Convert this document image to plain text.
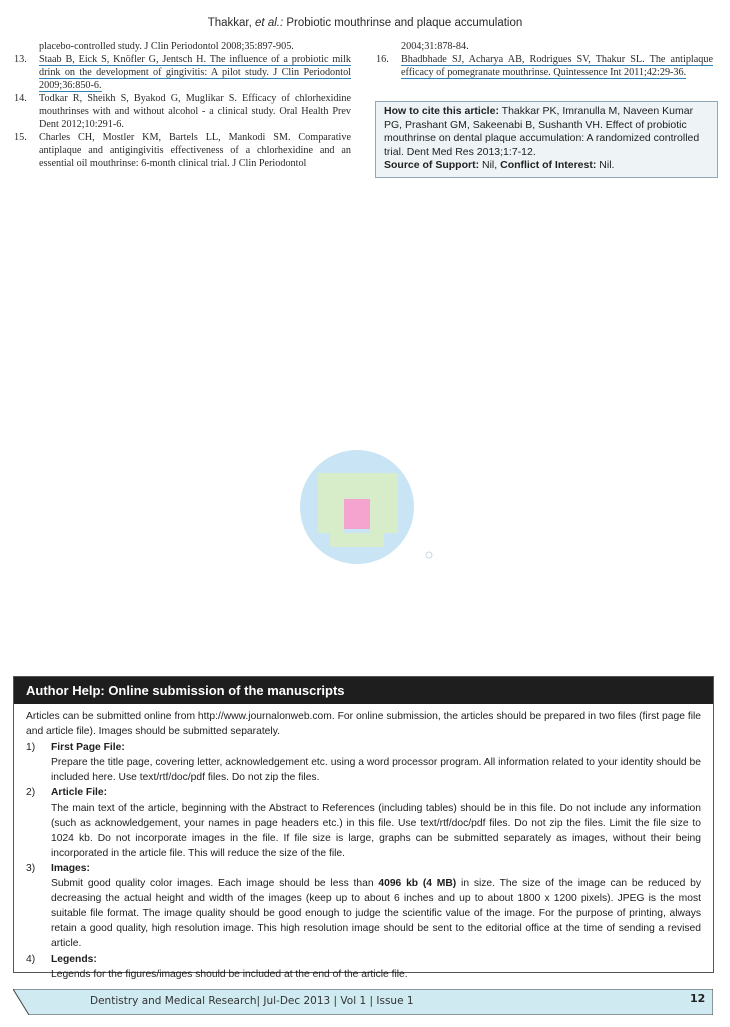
Thakkar, et al.: Probiotic mouthrinse and plaque accumulation
placebo-controlled study. J Clin Periodontol 2008;35:897-905.
13.	Staab B, Eick S, Knöfler G, Jentsch H. The influence of a probiotic milk drink on the development of gingivitis: A pilot study. J Clin Periodontol 2009;36:850-6.
14.	Todkar R, Sheikh S, Byakod G, Muglikar S. Efficacy of chlorhexidine mouthrinses with and without alcohol - a clinical study. Oral Health Prev Dent 2012;10:291-6.
15.	Charles CH, Mostler KM, Bartels LL, Mankodi SM. Comparative antiplaque and antigingivitis effectiveness of a chlorhexidine and an essential oil mouthrinse: 6-month clinical trial. J Clin Periodontol
2004;31:878-84.
16.	Bhadbhade SJ, Acharya AB, Rodrigues SV, Thakur SL. The antiplaque efficacy of pomegranate mouthrinse. Quintessence Int 2011;42:29-36.
How to cite this article: Thakkar PK, Imranulla M, Naveen Kumar PG, Prashant GM, Sakeenabi B, Sushanth VH. Effect of probiotic mouthrinse on dental plaque accumulation: A randomized controlled trial. Dent Med Res 2013;1:7-12.
Source of Support: Nil, Conflict of Interest: Nil.
Author Help: Online submission of the manuscripts

Articles can be submitted online from http://www.journalonweb.com. For online submission, the articles should be prepared in two files (first page file and article file). Images should be submitted separately.

1)	First Page File:
Prepare the title page, covering letter, acknowledgement etc. using a word processor program. All information related to your identity should be included here. Use text/rtf/doc/pdf files. Do not zip the files.
2)	Article File:
The main text of the article, beginning with the Abstract to References (including tables) should be in this file. Do not include any information (such as acknowledgement, your names in page headers etc.) in this file. Use text/rtf/doc/pdf files. Do not zip the files. Limit the file size to 1024 kb. Do not incorporate images in the file. If file size is large, graphs can be submitted separately as images, without their being incorporated in the article file. This will reduce the size of the file.
3)	Images:
Submit good quality color images. Each image should be less than 4096 kb (4 MB) in size. The size of the image can be reduced by decreasing the actual height and width of the images (keep up to about 6 inches and up to about 1800 x 1200 pixels). JPEG is the most suitable file format. The image quality should be good enough to judge the scientific value of the image. For the purpose of printing, always retain a good quality, high resolution image. This high resolution image should be sent to the editorial office at the time of sending a revised article.
4)	Legends:
Legends for the figures/images should be included at the end of the article file.
Dentistry and Medical Research| Jul-Dec 2013 | Vol 1 | Issue 1	12
